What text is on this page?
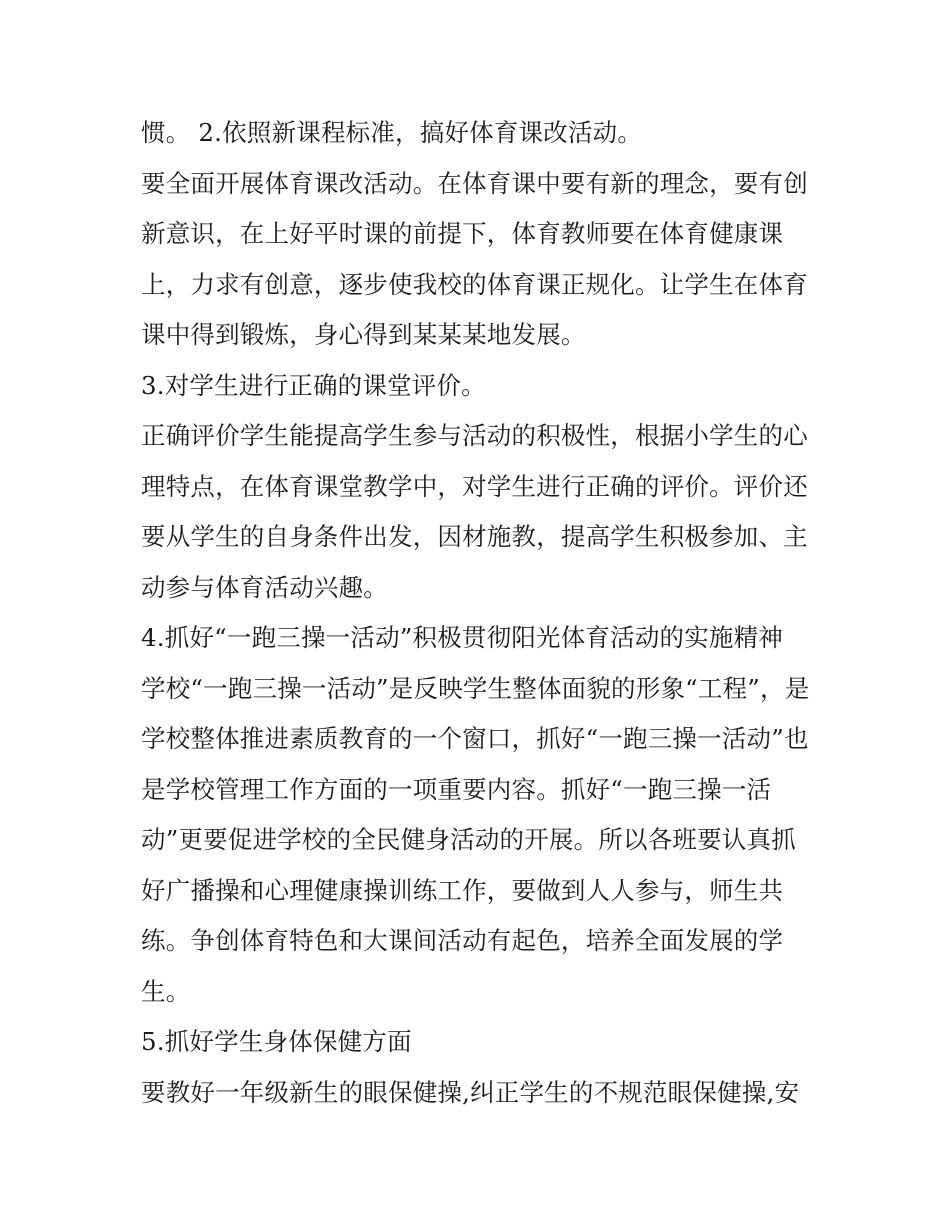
惯。 2.依照新课程标准，搞好体育课改活动。
要全面开展体育课改活动。在体育课中要有新的理念，要有创
新意识，在上好平时课的前提下，体育教师要在体育健康课
上，力求有创意，逐步使我校的体育课正规化。让学生在体育
课中得到锻炼，身心得到某某某地发展。
3.对学生进行正确的课堂评价。
正确评价学生能提高学生参与活动的积极性，根据小学生的心
理特点，在体育课堂教学中，对学生进行正确的评价。评价还
要从学生的自身条件出发，因材施教，提高学生积极参加、主
动参与体育活动兴趣。
4.抓好“一跑三操一活动”积极贯彻阳光体育活动的实施精神
学校“一跑三操一活动”是反映学生整体面貌的形象“工程”，是
学校整体推进素质教育的一个窗口，抓好“一跑三操一活动”也
是学校管理工作方面的一项重要内容。抓好“一跑三操一活
动”更要促进学校的全民健身活动的开展。所以各班要认真抓
好广播操和心理健康操训练工作，要做到人人参与，师生共
练。争创体育特色和大课间活动有起色，培养全面发展的学
生。
5.抓好学生身体保健方面
要教好一年级新生的眼保健操,纠正学生的不规范眼保健操,安
